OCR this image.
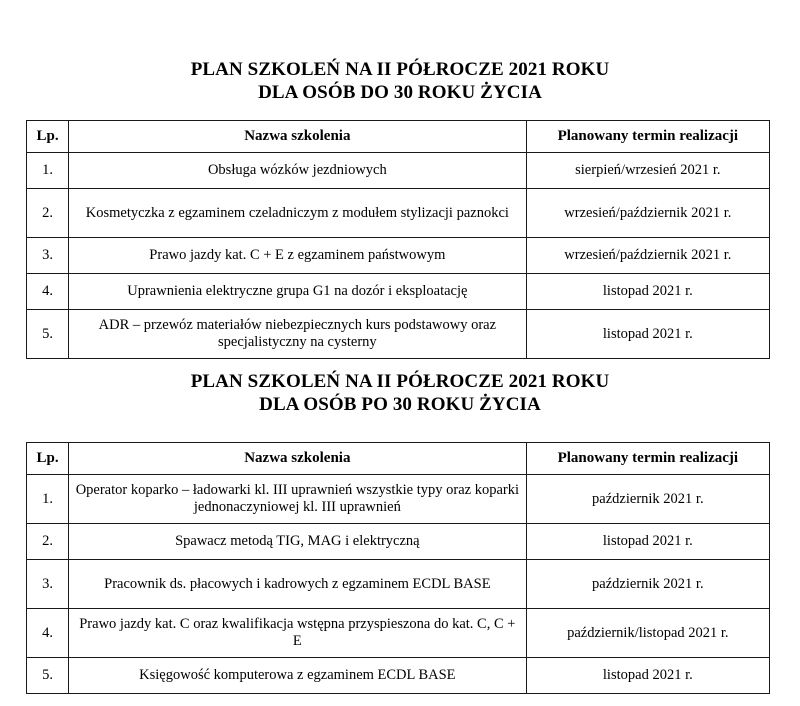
PLAN SZKOLEŃ NA II PÓŁROCZE 2021 ROKU
DLA OSÓB DO 30 ROKU ŻYCIA
Lp.	Nazwa szkolenia	Planowany termin realizacji
1.	Obsługa wózków jezdniowych	sierpień/wrzesień 2021 r.
2.	Kosmetyczka z egzaminem czeladniczym z modułem stylizacji paznokci	wrzesień/październik 2021 r.
3.	Prawo jazdy kat. C + E z egzaminem państwowym	wrzesień/październik 2021 r.
4.	Uprawnienia elektryczne grupa G1 na dozór i eksploatację	listopad 2021 r.
5.	ADR – przewóz materiałów niebezpiecznych kurs podstawowy oraz specjalistyczny na cysterny	listopad 2021 r.
PLAN SZKOLEŃ NA II PÓŁROCZE 2021 ROKU
DLA OSÓB PO 30 ROKU ŻYCIA
Lp.	Nazwa szkolenia	Planowany termin realizacji
1.	Operator koparko – ładowarki kl. III uprawnień wszystkie typy oraz koparki jednonaczyniowej kl. III uprawnień	październik 2021 r.
2.	Spawacz metodą TIG, MAG i elektryczną	listopad 2021 r.
3.	Pracownik ds. płacowych i kadrowych z egzaminem ECDL BASE	październik 2021 r.
4.	Prawo jazdy kat. C oraz kwalifikacja wstępna przyspieszona do kat. C, C + E	październik/listopad 2021 r.
5.	Księgowość komputerowa z egzaminem ECDL BASE	listopad 2021 r.
